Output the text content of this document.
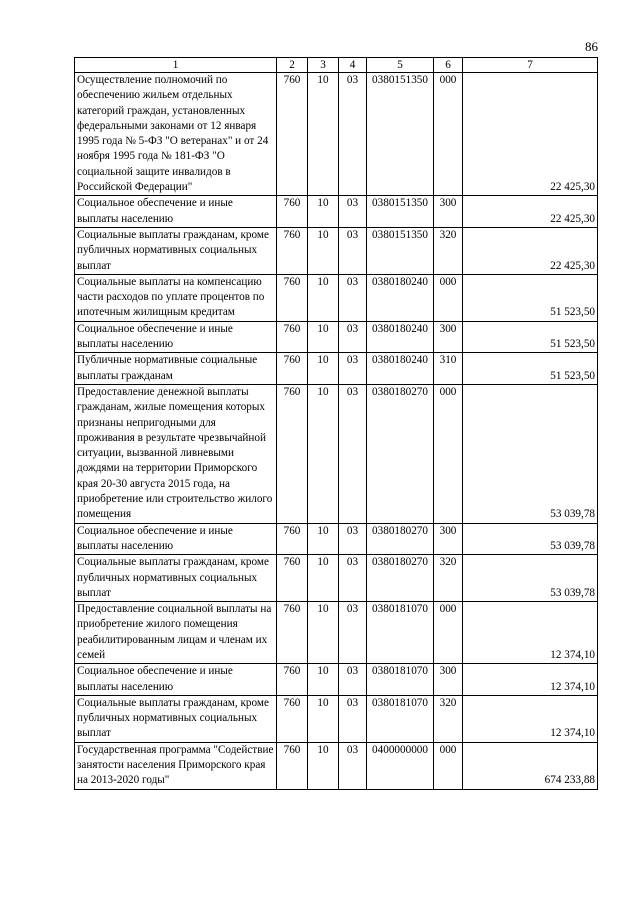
86
1	2	3	4	5	6	7
Осуществление полномочий по обеспечению жильем отдельных категорий граждан, установленных федеральными законами от 12 января 1995 года № 5-ФЗ "О ветеранах" и от 24 ноября 1995 года № 181-ФЗ "О социальной защите инвалидов в Российской Федерации"	760	10	03	0380151350	000	22 425,30
Социальное обеспечение и иные выплаты населению	760	10	03	0380151350	300	22 425,30
Социальные выплаты гражданам, кроме публичных нормативных социальных выплат	760	10	03	0380151350	320	22 425,30
Социальные выплаты на компенсацию части расходов по уплате процентов по ипотечным жилищным кредитам	760	10	03	0380180240	000	51 523,50
Социальное обеспечение и иные выплаты населению	760	10	03	0380180240	300	51 523,50
Публичные нормативные социальные выплаты гражданам	760	10	03	0380180240	310	51 523,50
Предоставление денежной выплаты гражданам, жилые помещения которых признаны непригодными для проживания в результате чрезвычайной ситуации, вызванной ливневыми дождями на территории Приморского края 20-30 августа 2015 года, на приобретение или строительство жилого помещения	760	10	03	0380180270	000	53 039,78
Социальное обеспечение и иные выплаты населению	760	10	03	0380180270	300	53 039,78
Социальные выплаты гражданам, кроме публичных нормативных социальных выплат	760	10	03	0380180270	320	53 039,78
Предоставление социальной выплаты на приобретение жилого помещения реабилитированным лицам и членам их семей	760	10	03	0380181070	000	12 374,10
Социальное обеспечение и иные выплаты населению	760	10	03	0380181070	300	12 374,10
Социальные выплаты гражданам, кроме публичных нормативных социальных выплат	760	10	03	0380181070	320	12 374,10
Государственная программа "Содействие занятости населения Приморского края на 2013-2020 годы"	760	10	03	0400000000	000	674 233,88
